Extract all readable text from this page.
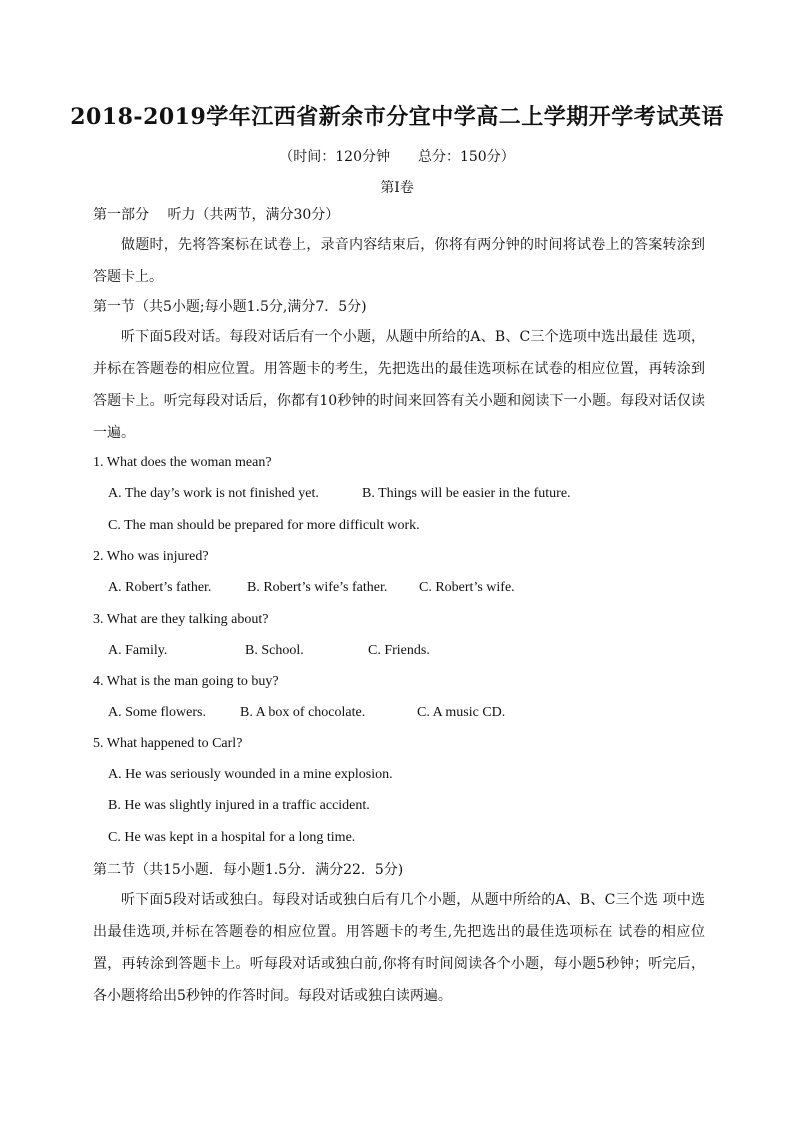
2018-2019学年江西省新余市分宜中学高二上学期开学考试英语
（时间：120分钟　　总分：150分）
第Ⅰ卷
第一部分　 听力（共两节，满分30分）
做题时，先将答案标在试卷上，录音内容结束后，你将有两分钟的时间将试卷上的答案转涂到答题卡上。
第一节（共5小题;每小题1.5分,满分7．5分)
听下面5段对话。每段对话后有一个小题，从题中所给的A、B、C三个选项中选出最佳 选项，并标在答题卷的相应位置。用答题卡的考生，先把选出的最佳选项标在试卷的相应位置，再转涂到答题卡上。听完每段对话后，你都有10秒钟的时间来回答有关小题和阅读下一小题。每段对话仅读一遍。
1. What does the woman mean?
A. The day’s work is not finished yet.	B. Things will be easier in the future.
C. The man should be prepared for more difficult work.
2. Who was injured?
A. Robert’s father.	B. Robert’s wife’s father. C. Robert’s wife.
3. What are they talking about?
A. Family.	B. School.	C. Friends.
4. What is the man going to buy?
A. Some flowers. B. A box of chocolate.	C. A music CD.
5. What happened to Carl?
A. He was seriously wounded in a mine explosion.
B. He was slightly injured in a traffic accident.
C. He was kept in a hospital for a long time.
第二节（共15小题．每小题1.5分．满分22．5分)
听下面5段对话或独白。每段对话或独白后有几个小题，从题中所给的A、B、C三个选 项中选出最佳选项,并标在答题卷的相应位置。用答题卡的考生,先把选出的最佳选项标在 试卷的相应位置，再转涂到答题卡上。听每段对话或独白前,你将有时间阅读各个小题，每小题5秒钟；听完后，各小题将给出5秒钟的作答时间。每段对话或独白读两遍。
